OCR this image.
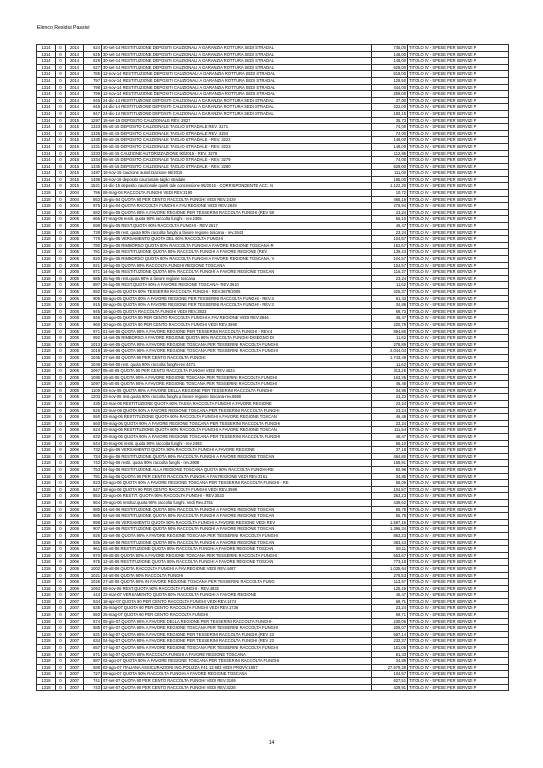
Elenco Residui Passivi
1314	0	2014	624	30-set-14 RESTITUZIONE DEPOSITI CAUZIONALI A GARANZIA ROTTURA SEDI STRADAL	745,00	TITOLO IV - SPESE PER SERVIZI P
1314	0	2014	625	30-set-14 RESTITUZIONE DEPOSITI CAUZIONALI A GARANZIA ROTTURA SEDI STRADAL	148,00	TITOLO IV - SPESE PER SERVIZI P
1314	0	2014	626	30-set-14 RESTITUZIONE DEPOSITI CAUZIONALI A GARANZIA ROTTURA SEDI STRADAL	148,00	TITOLO IV - SPESE PER SERVIZI P
1314	0	2014	627	30-set-14 RESTITUZIONE DEPOSITI CAUZIONALI A GARANZIA ROTTURA SEDI STRADAL	629,00	TITOLO IV - SPESE PER SERVIZI P
1314	0	2014	785	12-nov-14 RESTITUZIONE DEPOSITI CAUZIONALI A GARANZIA ROTTURA SEDI STRADAL	518,00	TITOLO IV - SPESE PER SERVIZI P
1314	0	2014	797	12-nov-14 RESTITUZIONE DEPOSITI CAUZIONALI A GARANZIA ROTTURA SEDI STRADAL	129,50	TITOLO IV - SPESE PER SERVIZI P
1314	0	2014	798	12-nov-14 RESTITUZIONE DEPOSITI CAUZIONALI A GARANZIA ROTTURA SEDI STRADAL	444,00	TITOLO IV - SPESE PER SERVIZI P
1314	0	2014	799	12-nov-14 RESTITUZIONE DEPOSITI CAUZIONALI A GARANZIA ROTTURA SEDI STRADAL	259,00	TITOLO IV - SPESE PER SERVIZI P
1314	0	2014	945	24-dic-14 RESTITUZIONE DEPOSITI CAUZIONALI A GARANZIA ROTTURA SEDI STRADAL	37,00	TITOLO IV - SPESE PER SERVIZI P
1314	0	2014	946	24-dic-14 RESTITUZIONE DEPOSITI CAUZIONALI A GARANZIA ROTTURA SEDI STRADAL	222,00	TITOLO IV - SPESE PER SERVIZI P
1314	0	2014	947	24-dic-14 RESTITUZIONE DEPOSITI CAUZIONALI A GARANZIA ROTTURA SEDI STRADAL	183,15	TITOLO IV - SPESE PER SERVIZI P
1314	0	2015	1297	15-set-15 DEPOSITO CAUZIONALE REV. 2827	35,73	TITOLO IV - SPESE PER SERVIZI P
1314	0	2015	1323	05-ott-15 DEPOSITO CAUZIONALE TAGLIO STRADALE REV. 3171	74,00	TITOLO IV - SPESE PER SERVIZI P
1314	0	2015	1325	05-ott-15 DEPOSITO CAUZIONALE TAGLIO STRADALE REV. 3194	74,00	TITOLO IV - SPESE PER SERVIZI P
1314	0	2015	1330	06-ott-15 DEPOSITO CAUZIONALE TAGLIO STRADALE - REV. 3222	148,00	TITOLO IV - SPESE PER SERVIZI P
1314	0	2015	1331	06-ott-15 DEPOSITO CAUZIONALE TAGLIO STRADALE - REV. 3223	148,00	TITOLO IV - SPESE PER SERVIZI P
1314	0	2015	1333	06-ott-15 CAUZIONE AUTORIZZAZIONE 90/2015 - REV. 3278	112,85	TITOLO IV - SPESE PER SERVIZI P
1314	0	2015	1334	06-ott-15 DEPOSITO CAUZIONALE TAGLIO STRADALE - REV. 3279	74,00	TITOLO IV - SPESE PER SERVIZI P
1314	0	2015	1335	06-ott-15 DEPOSITO CAUZIONALE TAGLIO STRADALE - REV. 3280	629,00	TITOLO IV - SPESE PER SERVIZI P
1314	0	2015	1487	16-nov-15 cauzione autorizzazione 96/2015	111,00	TITOLO IV - SPESE PER SERVIZI P
1314	0	2015	1488	16-nov-15 deposito cauzionale taglio stradale	185,00	TITOLO IV - SPESE PER SERVIZI P
1314	0	2015	1521	14-dic-15 deposito cauzionale quinti tale concessione 95/2015 - CORRISPONDENTE ACC. N	1.122,20	TITOLO IV - SPESE PER SERVIZI P
1318	0	2004	796	06-mag-04 RACCOLTA FUNGHI VEDI REV.2190	10,72	TITOLO IV - SPESE PER SERVIZI P
1318	0	2004	852	15-giu-04 QUOTA 90 PER CENTO RACCOLTA FUNGHI VEDI REV.2429	465,16	TITOLO IV - SPESE PER SERVIZI P
1318	0	2004	975	24-giu-04 QUOTA RACCOLTA FUNGHI A FAV.REGIONE VEDI REV.2849	278,94	TITOLO IV - SPESE PER SERVIZI P
1318	0	2005	582	06-giu-05 QUOTA 90% A FAVORE REGIONE PER TESSERINI RACCOLTA FUNGHI (REV 58	23,24	TITOLO IV - SPESE PER SERVIZI P
1318	0	2005	666	27-mag-05 restit. quota 90% raccolta funghi - rev.2365	56,10	TITOLO IV - SPESE PER SERVIZI P
1318	0	2005	698	06-giu-05 REST.QUOTA 90% RACCOLTA FUNGHI - REV.2617	46,47	TITOLO IV - SPESE PER SERVIZI P
1318	0	2005	738	09-giu-05 rest. quota 90% raccolta funghi a favore regione toscana - rev.2643	23,24	TITOLO IV - SPESE PER SERVIZI P
1318	0	2005	779	16-giu-05 VERSAMENTO QUOTA DEL 90% RACCOLTA FUNGHI	104,57	TITOLO IV - SPESE PER SERVIZI P
1318	0	2005	780	29-giu-05 RIMBORSO QUOTA 90% RACCOLTA FUNGHI A FAVORE REGIONE TOSCANA-R	162,67	TITOLO IV - SPESE PER SERVIZI P
1318	0	2005	781	23-giu-05 RESTITUZIONE QUOTA 90% RACCOLTA FUNGHI A FAVORE REGIONE (REV	139,43	TITOLO IV - SPESE PER SERVIZI P
1318	0	2005	820	29-giu-05 RIMBORSO QUOTA 90% RACCOLTA FUNGHI A FAVORE REGIONE TOSCANA, V	104,57	TITOLO IV - SPESE PER SERVIZI P
1318	0	2005	821	19-lug-05 QUOTA 90% RACCOLTA FUNGHI REGIONE TOSCANA	104,57	TITOLO IV - SPESE PER SERVIZI P
1318	0	2005	871	14-lug-05 RESTITUZIONE QUOTA 90% RACCOLTA FUNGHI A FAVORE REGIONE TOSCAN	116,27	TITOLO IV - SPESE PER SERVIZI P
1318	0	2005	885	25-lug-05 rest.quota 90% a favore regione toscana	23,24	TITOLO IV - SPESE PER SERVIZI P
1318	0	2005	887	26-lug-05 REST.QUOTA 90% A FAVORE REGIONE TOSCANA- REV.3610	11,62	TITOLO IV - SPESE PER SERVIZI P
1318	0	2005	892	02-ago-05 QUOTA 90% TESSERINI RACCOLTA FUNGHI - REV.3679/2005	325,37	TITOLO IV - SPESE PER SERVIZI P
1318	0	2005	905	08-ago-05 QUOTA 90% A FAVORE REGIONE PER TESSERINI RACCOLTA FUNGHI - REV.3	81,33	TITOLO IV - SPESE PER SERVIZI P
1318	0	2005	915	08-ago-05 QUOTA 90% A FAVORE REGIONE PER TESSERINI RACCOLTA FUNGHI - REV.3	34,86	TITOLO IV - SPESE PER SERVIZI P
1318	0	2005	945	16-ago-05 QUOTA RACCOLTA FUNGHI VEDI REV.3833	69,73	TITOLO IV - SPESE PER SERVIZI P
1318	0	2005	946	16-ago-05 QUOTA 90 PER CENTO RACCOLTA FUNGHI A FAV.REGIONE VEDI REV.3846	46,47	TITOLO IV - SPESE PER SERVIZI P
1318	0	2005	960	30-ago-05 QUOTA 90 PER CENTO RACCOLTA FUNGHI VEDI REV.3995	220,76	TITOLO IV - SPESE PER SERVIZI P
1318	0	2005	971	01-set-05 QUOTA 90% A FAVORE REGIONE PER TESSERINI RACCOLTA FUNGHI - REV.4	894,86	TITOLO IV - SPESE PER SERVIZI P
1318	0	2005	992	14-set-05 RIMBORSO A FAVORE REGIONE QUOTA 90% RACCOLTA FUNGHI-DISEGNO DI	11,62	TITOLO IV - SPESE PER SERVIZI P
1318	0	2005	1013	15-set-05 QUOTA 90% A FAVORE REGIONE TOSCANA PER TESSERINI RACCOLTA FUNGHI	278,89	TITOLO IV - SPESE PER SERVIZI P
1318	0	2005	1019	19-set-05 QUOTA 90% A FAVORE REGIONE TOSCANA PER TESSERINI RACCOLTA FUNGHI	2.044,04	TITOLO IV - SPESE PER SERVIZI P
1318	0	2005	1045	27-set-05 QUOTA 90 PER CENTO RACCOLTA FUNGHI	1.743,49	TITOLO IV - SPESE PER SERVIZI P
1318	0	2005	1049	28-set-05 rest. quota 90% raccolta funghi-rev 4471	11,62	TITOLO IV - SPESE PER SERVIZI P
1318	0	2005	1067	05-ott-05 QUOTA 90 PER CENTO RACCOLTA FUNGHI VEDI REV.4634	313,25	TITOLO IV - SPESE PER SERVIZI P
1318	0	2005	1085	19-ott-05 QUOTA 90% A FAVORE REGIONE TOSCANA PER TESSERINI RACCOLTA FUNGHI	163,35	TITOLO IV - SPESE PER SERVIZI P
1318	0	2005	1097	26-ott-05 QUOTA 90% A FAVORE REGIONE TOSCANA PER TESSERINI RACCOLTA FUNGHI	46,48	TITOLO IV - SPESE PER SERVIZI P
1318	0	2005	1109	03-nov-05 QUOTA 90% A FAVORE DELLA REGIONE PER TESSERINI RACCOLTA FUNGHI-	34,86	TITOLO IV - SPESE PER SERVIZI P
1318	0	2005	1203	23-nov-05 rest.quota 90% raccolta funghi a favore regione toscana-rev.5590	23,23	TITOLO IV - SPESE PER SERVIZI P
1318	0	2006	430	22-mar-06 RESTITUZIONE QUOTA 90% TASSA RACCOLTA FUNGHI A FAVORE REGIONE	23,24	TITOLO IV - SPESE PER SERVIZI P
1318	0	2006	545	22-mar-06 QUOTA 90% A FAVORE REGIONE TOSCANA PER TESSERINI RACCOLTA FUNGHI	23,24	TITOLO IV - SPESE PER SERVIZI P
1318	0	2006	550	03-mag-06 RESTITUZIONE QUOTA 90% RACCOLTA FUNGHI A FAVORE REGIONE TOSCAN	46,48	TITOLO IV - SPESE PER SERVIZI P
1318	0	2006	560	09-mag-06 QUOTA 90% A FAVORE REGIONE TOSCANA PER TESSERINI RACCOLTA FUNGHI	23,24	TITOLO IV - SPESE PER SERVIZI P
1318	0	2006	624	23-mag-06 RESTITUZIONE QUOTA 90% RACCOLTA FUNGHI A FAVORE REGIONE TOSCAN	111,54	TITOLO IV - SPESE PER SERVIZI P
1318	0	2006	632	25-mag-06 QUOTA 90% A FAVORE REGIONE TOSCANA PER TESSERINI RACCOLTA FUNGHI	46,47	TITOLO IV - SPESE PER SERVIZI P
1318	0	2006	644	30-mag-06 restit. quota 90% raccolta funghi - rev.2493	58,10	TITOLO IV - SPESE PER SERVIZI P
1318	0	2006	732	13-giu-06 VERSAMENTO QUOTA 90% RACCOLTA FUNGHI A FAVORE REGIONE	37,18	TITOLO IV - SPESE PER SERVIZI P
1318	0	2006	734	26-giu-06 RESTITUZIONE QUOTA 90% RACCOLTA FUNGHI A FAVORE REGIONE TOSCAN	464,80	TITOLO IV - SPESE PER SERVIZI P
1318	0	2006	742	20-lug-06 restit. quota 90% raccolta funghi - rev.2908	158,91	TITOLO IV - SPESE PER SERVIZI P
1318	0	2006	753	04-lug-06 RESTITUZIONE ALLA REGIONE TOSCANA QUOTA 90% RACCOLTA FUNGHI-RE	92,96	TITOLO IV - SPESE PER SERVIZI P
1318	0	2006	781	25-lug-06 QUOTA 90 PER CENTO RACCOLTA FUNGHI A FAV.REGIONE VEDI REV.3161	34,85	TITOLO IV - SPESE PER SERVIZI P
1318	0	2006	823	03-ago-06 QUOTA 90% A FAVORE REGIONE TOSCANA PER TESSERINI RACCOLTA FUNGHI - RE	58,09	TITOLO IV - SPESE PER SERVIZI P
1318	0	2006	847	18-ago-06 QUOTA 90 PER CENTO RACCOLTA FUNGHI VEDI REV.3589	104,57	TITOLO IV - SPESE PER SERVIZI P
1318	0	2006	853	23-ago-06 RESTIT. QUOTA 90% RACCOLTA FUNGHI - REV.3533	263,23	TITOLO IV - SPESE PER SERVIZI P
1318	0	2006	864	29-ago-06 restituz.quota 90% raccolta funghi. Vedi Rev.3761	439,62	TITOLO IV - SPESE PER SERVIZI P
1318	0	2006	880	04-set-06 RESTITUZIONE QUOTA 90% RACCOLTA FUNGHI A FAVORE REGIONE TOSCAN	55,78	TITOLO IV - SPESE PER SERVIZI P
1318	0	2006	886	04-set-06 RESTITUZIONE QUOTA 90% RACCOLTA FUNGHI A FAVORE REGIONE TOSCAN	55,78	TITOLO IV - SPESE PER SERVIZI P
1318	0	2006	898	12-set-06 VERSAMENTO QUOTA 90% RACCOLTA FUNGHI A FAVORE REGIONE VEDI REV	1.587,16	TITOLO IV - SPESE PER SERVIZI P
1318	0	2006	907	12-set-06 RESTITUZIONE QUOTA 90% RACCOLTA FUNGHI A FAVORE REGIONE TOSCAN	1.396,24	TITOLO IV - SPESE PER SERVIZI P
1318	0	2006	926	22-set-06 QUOTA 90% A FAVORE REGIONE TOSCANA PER TESSERINI RACCOLTA FUNGHI	863,23	TITOLO IV - SPESE PER SERVIZI P
1318	0	2006	936	26-set-06 RESTITUZIONE QUOTA 90% RACCOLTA FUNGHI A FAVORE REGIONE TOSCAN	383,43	TITOLO IV - SPESE PER SERVIZI P
1318	0	2006	961	02-ott-06 RESTITUZIONE QUOTA 90% RACCOLTA FUNGHI A FAVORE REGIONE TOSCAN	58,11	TITOLO IV - SPESE PER SERVIZI P
1318	0	2006	970	09-ott-06 QUOTA 90% A FAVORE REGIONE TOSCANA PER TESSERINI RACCOLTA FUNGHI	653,67	TITOLO IV - SPESE PER SERVIZI P
1318	0	2006	975	12-ott-06 RESTITUZIONE QUOTA 90% RACCOLTA FUNGHI A FAVORE REGIONE TOSCAN	773,18	TITOLO IV - SPESE PER SERVIZI P
1318	0	2006	1002	19-ott-06 QUOTA RACCOLTA FUNGHI A FAV.REGIONE VEDI REV.4487	1.035,64	TITOLO IV - SPESE PER SERVIZI P
1318	0	2006	1021	24-ott-06 QUOTA 90% RACCOLTA FUNGHI	278,53	TITOLO IV - SPESE PER SERVIZI P
1318	0	2006	1026	27-ott-06 QUOTA 90% IN FAVORE REGIONE TOSCANA PER TESSERINI RACCOLTA FUNG	113,67	TITOLO IV - SPESE PER SERVIZI P
1318	0	2006	1063	09-nov-06 REST.QUOTA 90% RACCOLTA FUNGHI - REV.4832	125,49	TITOLO IV - SPESE PER SERVIZI P
1318	0	2007	444	22-mar-07 VERSAMENTO QUOTA 90% RACCOLTA FUNGHI A FAVORE REGIONE	46,47	TITOLO IV - SPESE PER SERVIZI P
1318	0	2007	534	18-apr-07 QUOTA 90 PER CENTO RACCOLTA FUNGHI VEDI REV.1474	69,71	TITOLO IV - SPESE PER SERVIZI P
1318	0	2007	535	25-mag-07 QUOTA 90 PER CENTO RACCOLTA FUNGHI VEDI REV.1736	23,24	TITOLO IV - SPESE PER SERVIZI P
1318	0	2007	550	25-mag-07 QUOTA 90 PER CENTO RACCOLTA FUNGHI	69,71	TITOLO IV - SPESE PER SERVIZI P
1318	0	2007	574	05-giu-07 QUOTA 90% A FAVORE DELLA REGIONE PER TESSERINI RACCOLTA FUNGHI-	230,06	TITOLO IV - SPESE PER SERVIZI P
1318	0	2007	585	07-giu-07 QUOTA 90% A FAVORE REGIONE TOSCANA PER TESSERINI RACCOLTA FUNGHI	209,07	TITOLO IV - SPESE PER SERVIZI P
1318	0	2007	631	04-lug-07 QUOTA 90% A FAVORE REGIONE PER TESSERINI RACCOLTA FUNGHI (REV 23	697,14	TITOLO IV - SPESE PER SERVIZI P
1318	0	2007	634	04-lug-07 QUOTA 90% A FAVORE REGIONE PER TESSERINI RACCOLTA FUNGHI (REV 23	232,37	TITOLO IV - SPESE PER SERVIZI P
1318	0	2007	657	17-lug-07 QUOTA 90% A FAVORE REGIONE TOSCANA PER TESSERINI RACCOLTA FUNGHI	151,05	TITOLO IV - SPESE PER SERVIZI P
1318	0	2007	671	26-lug-07 QUOTA 90% RACCOLTA FUNGHI A FAVORE REGIONE TOSCANA	81,33	TITOLO IV - SPESE PER SERVIZI P
1318	0	2007	687	02-ago-07 QUOTA 90% A FAVORE REGIONE TOSCANA PER TESSERINI RACCOLTA FUNGHI	34,86	TITOLO IV - SPESE PER SERVIZI P
1318	0	2007	688	02-ago-07 ITALIANA ASSICURAZIONI ING.POLIZZA F41 13 683 VEDI PROVV.1857	27.579,28	TITOLO IV - SPESE PER SERVIZI P
1318	0	2007	727	09-ago-07 QUOTA 90% RACCOLTA FUNGHI A FAVORE REGIONE TOSCANA	104,57	TITOLO IV - SPESE PER SERVIZI P
1318	0	2007	741	07-set-07 QUOTA 90 PER CENTO RACCOLTA FUNGHI VEDI REV.3169	627,51	TITOLO IV - SPESE PER SERVIZI P
1318	0	2007	743	12-set-07 QUOTA 90 PER CENTO RACCOLTA FUNGHI VEDI REV.3226	429,91	TITOLO IV - SPESE PER SERVIZI P
14
